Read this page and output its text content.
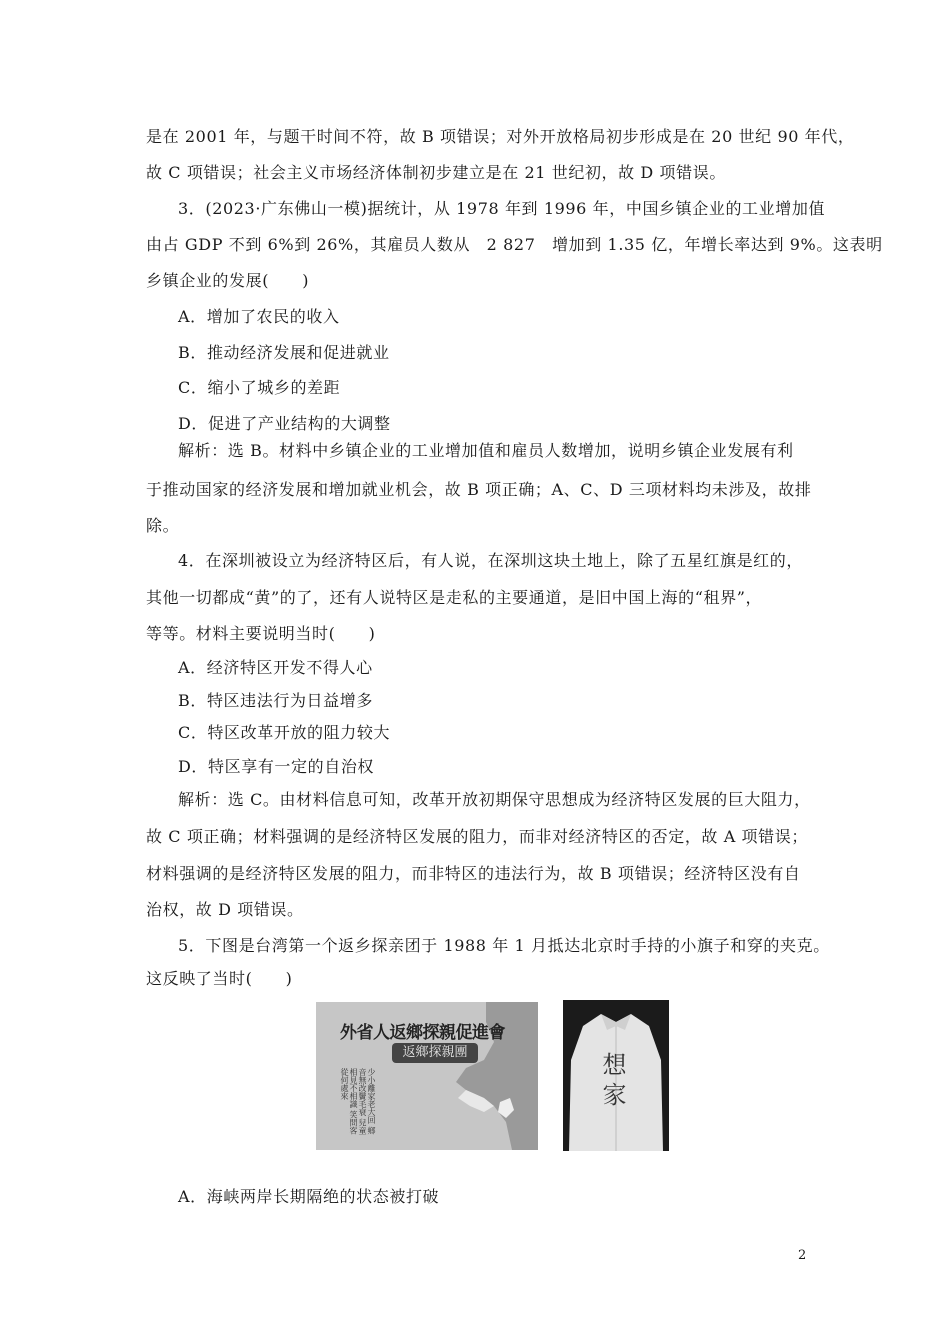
是在 2001 年，与题干时间不符，故 B 项错误；对外开放格局初步形成是在 20 世纪 90 年代，
故 C 项错误；社会主义市场经济体制初步建立是在 21 世纪初，故 D 项错误。
3．(2023·广东佛山一模)据统计，从 1978 年到 1996 年，中国乡镇企业的工业增加值
由占 GDP 不到 6%到 26%，其雇员人数从　2 827　增加到 1.35 亿，年增长率达到 9%。这表明
乡镇企业的发展(　　)
A．增加了农民的收入
B．推动经济发展和促进就业
C．缩小了城乡的差距
D．促进了产业结构的大调整
解析：选 B。材料中乡镇企业的工业增加值和雇员人数增加，说明乡镇企业发展有利
于推动国家的经济发展和增加就业机会，故 B 项正确；A、C、D 三项材料均未涉及，故排
除。
4．在深圳被设立为经济特区后，有人说，在深圳这块土地上，除了五星红旗是红的，
其他一切都成“黄”的了，还有人说特区是走私的主要通道，是旧中国上海的“租界”，
等等。材料主要说明当时(　　)
A．经济特区开发不得人心
B．特区违法行为日益增多
C．特区改革开放的阻力较大
D．特区享有一定的自治权
解析：选 C。由材料信息可知，改革开放初期保守思想成为经济特区发展的巨大阻力，
故 C 项正确；材料强调的是经济特区发展的阻力，而非对经济特区的否定，故 A 项错误；
材料强调的是经济特区发展的阻力，而非特区的违法行为，故 B 项错误；经济特区没有自
治权，故 D 项错误。
5．下图是台湾第一个返乡探亲团于 1988 年 1 月抵达北京时手持的小旗子和穿的夹克。
这反映了当时(　　)
外省人返鄉探親促進會
返鄉探親團
少小離家老大回 鄉音無改鬢毛衰 兒童相見不相識 笑問客從何處來	想家
A．海峡两岸长期隔绝的状态被打破
2
